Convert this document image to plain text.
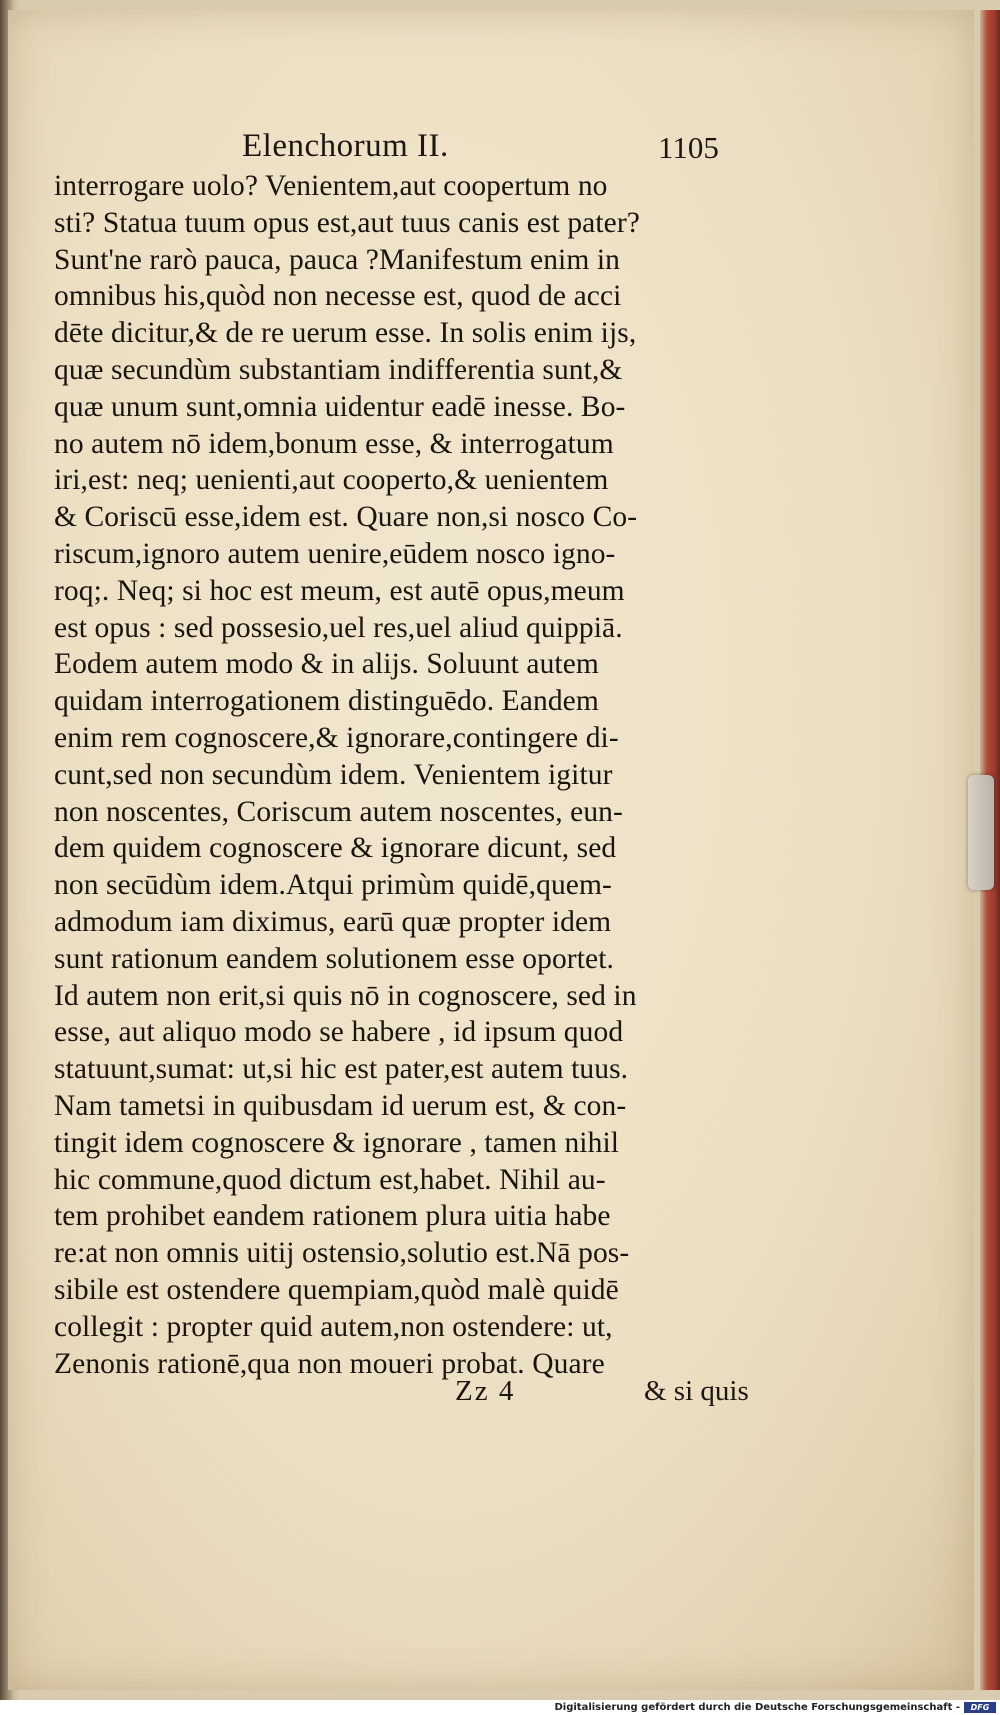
Elenchorum II.	1105
interrogare uolo? Venientem,aut coopertum no
sti? Statua tuum opus est,aut tuus canis est pater?
Sunt'ne rarò pauca, pauca ?Manifestum enim in
omnibus his,quòd non necesse est, quod de acci
dēte dicitur,& de re uerum esse. In solis enim ijs,
quæ secundùm substantiam indifferentia sunt,&
quæ unum sunt,omnia uidentur eadē inesse. Bo-
no autem nō idem,bonum esse, & interrogatum
iri,est: neq; uenienti,aut cooperto,& uenientem
& Coriscū esse,idem est. Quare non,si nosco Co-
riscum,ignoro autem uenire,eūdem nosco igno-
roq;. Neq; si hoc est meum, est autē opus,meum
est opus : sed possesio,uel res,uel aliud quippiā.
Eodem autem modo & in alijs. Soluunt autem
quidam interrogationem distinguēdo. Eandem
enim rem cognoscere,& ignorare,contingere di-
cunt,sed non secundùm idem. Venientem igitur
non noscentes, Coriscum autem noscentes, eun-
dem quidem cognoscere & ignorare dicunt, sed
non secūdùm idem.Atqui primùm quidē,quem-
admodum iam diximus, earū quæ propter idem
sunt rationum eandem solutionem esse oportet.
Id autem non erit,si quis nō in cognoscere, sed in
esse, aut aliquo modo se habere , id ipsum quod
statuunt,sumat: ut,si hic est pater,est autem tuus.
Nam tametsi in quibusdam id uerum est, & con-
tingit idem cognoscere & ignorare , tamen nihil
hic commune,quod dictum est,habet. Nihil au-
tem prohibet eandem rationem plura uitia habe
re:at non omnis uitij ostensio,solutio est.Nā pos-
sibile est ostendere quempiam,quòd malè quidē
collegit : propter quid autem,non ostendere: ut,
Zenonis rationē,qua non moueri probat. Quare
Zz 4	& si quis
Digitalisierung gefördert durch die Deutsche Forschungsgemeinschaft -	DFG
